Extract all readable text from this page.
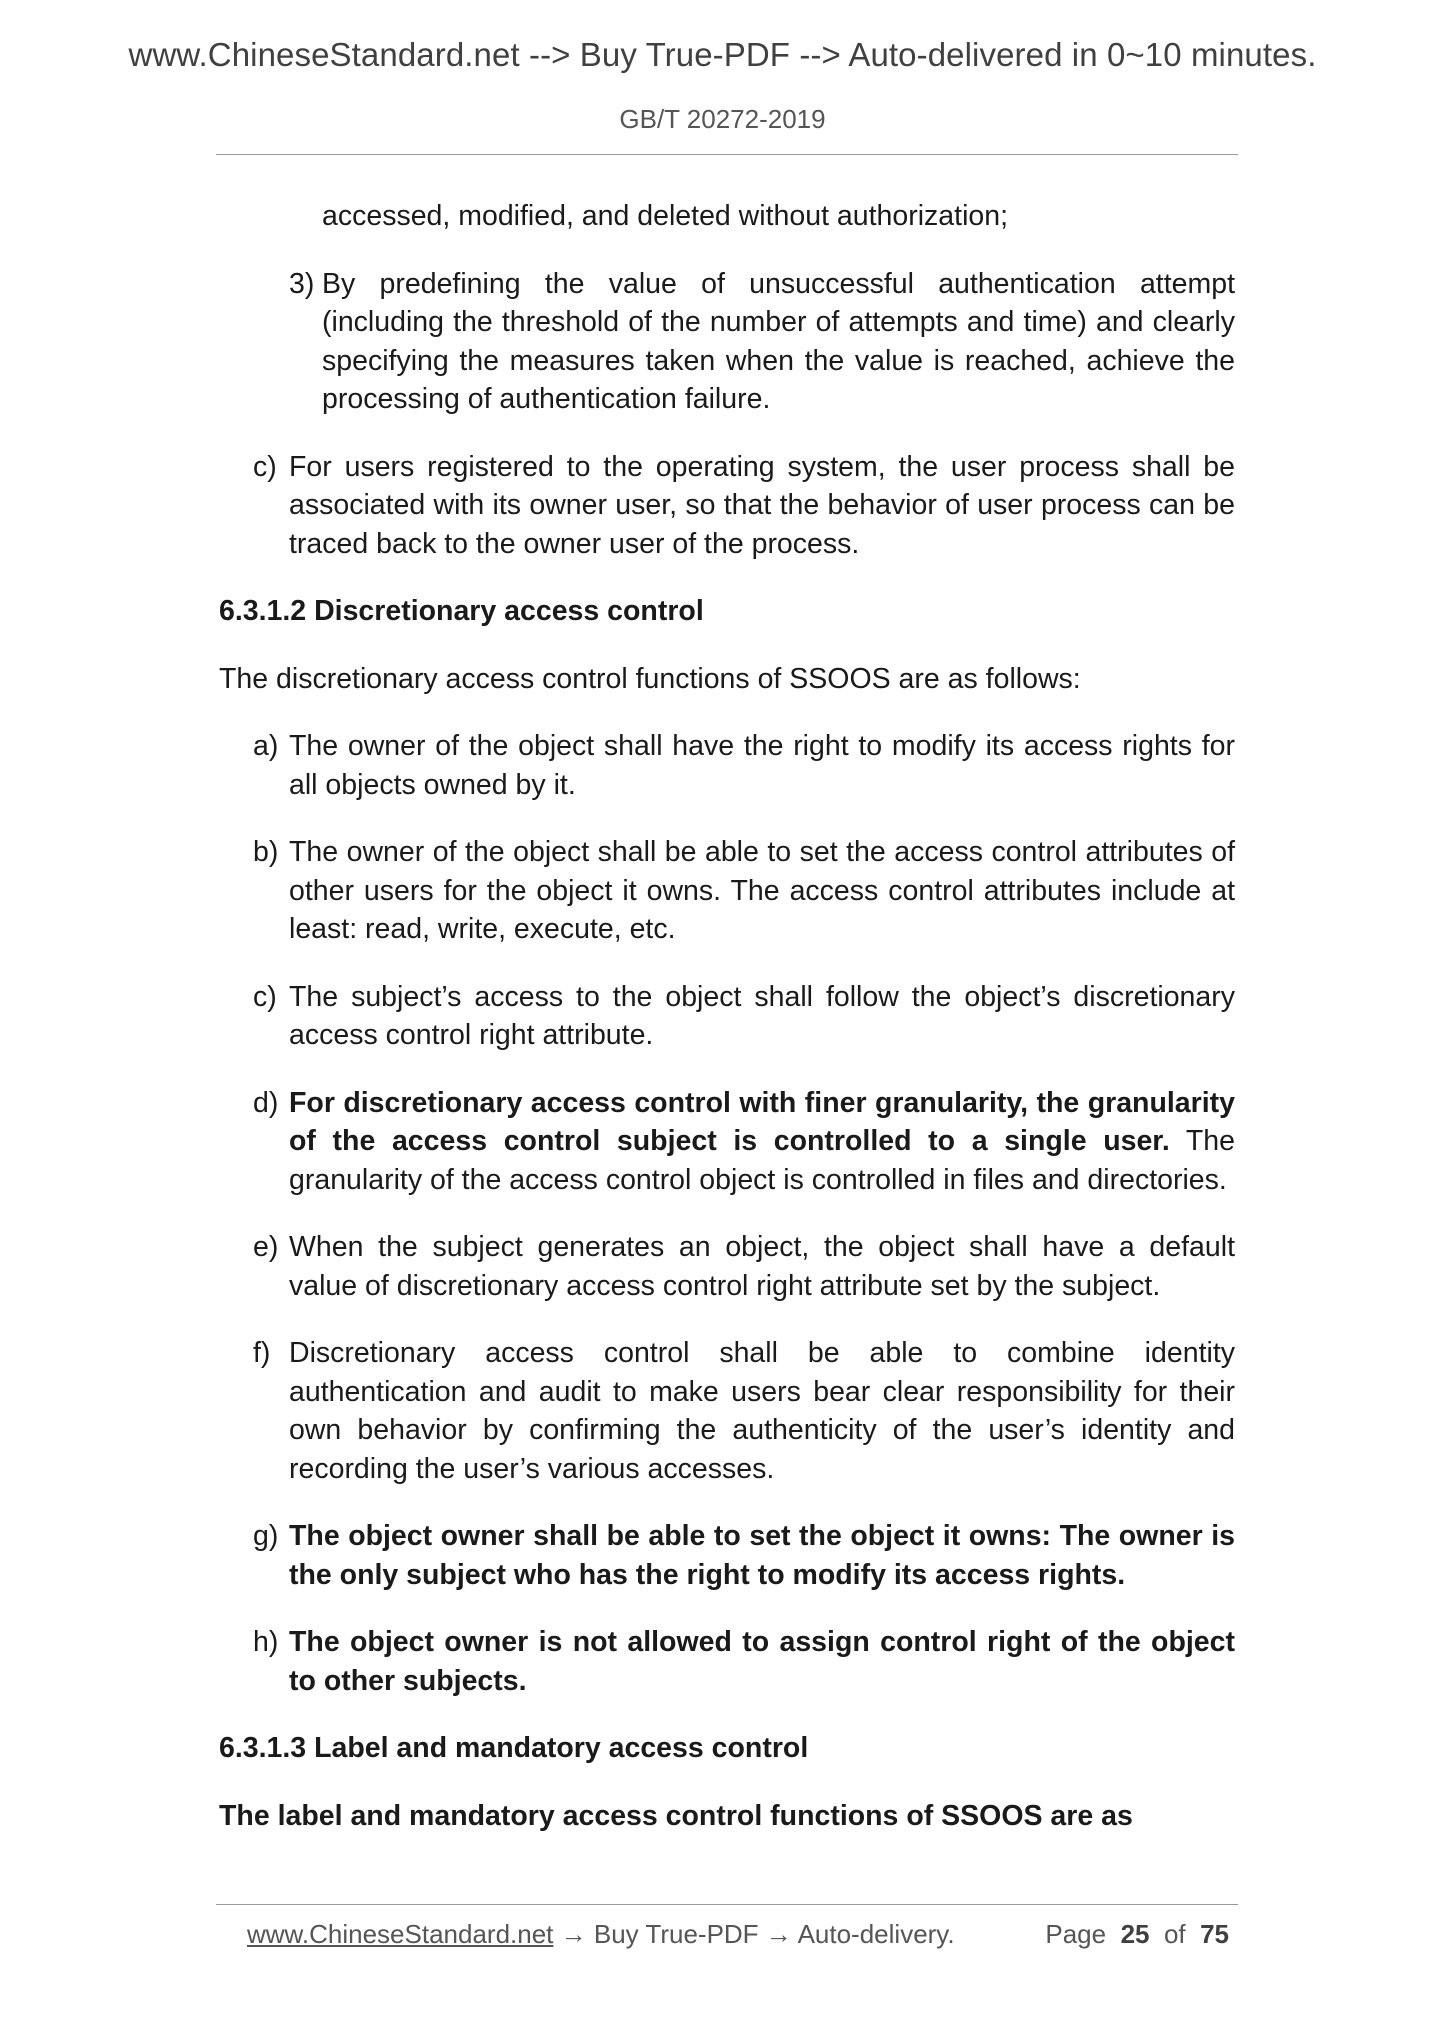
www.ChineseStandard.net --> Buy True-PDF --> Auto-delivered in 0~10 minutes.
GB/T 20272-2019
accessed, modified, and deleted without authorization;
3) By predefining the value of unsuccessful authentication attempt (including the threshold of the number of attempts and time) and clearly specifying the measures taken when the value is reached, achieve the processing of authentication failure.
c) For users registered to the operating system, the user process shall be associated with its owner user, so that the behavior of user process can be traced back to the owner user of the process.
6.3.1.2 Discretionary access control
The discretionary access control functions of SSOOS are as follows:
a) The owner of the object shall have the right to modify its access rights for all objects owned by it.
b) The owner of the object shall be able to set the access control attributes of other users for the object it owns. The access control attributes include at least: read, write, execute, etc.
c) The subject’s access to the object shall follow the object’s discretionary access control right attribute.
d) For discretionary access control with finer granularity, the granularity of the access control subject is controlled to a single user. The granularity of the access control object is controlled in files and directories.
e) When the subject generates an object, the object shall have a default value of discretionary access control right attribute set by the subject.
f) Discretionary access control shall be able to combine identity authentication and audit to make users bear clear responsibility for their own behavior by confirming the authenticity of the user’s identity and recording the user’s various accesses.
g) The object owner shall be able to set the object it owns: The owner is the only subject who has the right to modify its access rights.
h) The object owner is not allowed to assign control right of the object to other subjects.
6.3.1.3 Label and mandatory access control
The label and mandatory access control functions of SSOOS are as
www.ChineseStandard.net → Buy True-PDF → Auto-delivery.	Page 25 of 75
